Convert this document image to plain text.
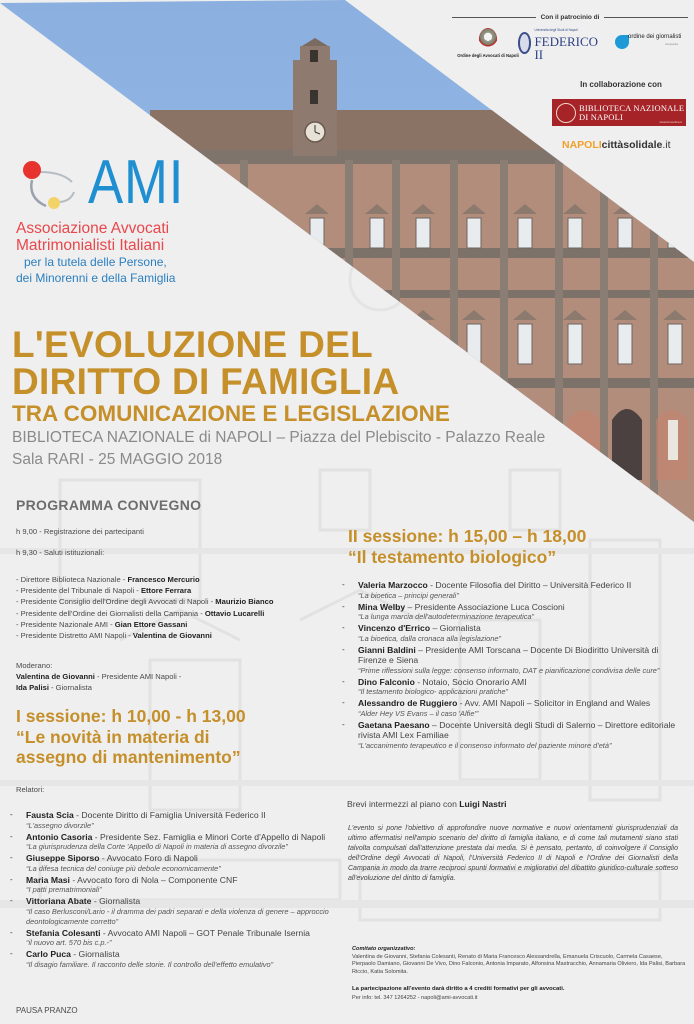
Con il patrocinio di
Ordine degli Avvocati di Napoli
Università degli Studi di Napoli
FEDERICO II
ordine dei giornalisti
campania
In collaborazione con
BIBLIOTECA NAZIONALE
DI NAPOLI
www.bnnonline.it
NAPOLIcittàsolidale.it
AMI
Associazione Avvocati
Matrimonialisti Italiani
per la tutela delle Persone,
dei Minorenni e della Famiglia
L'EVOLUZIONE DEL
DIRITTO DI FAMIGLIA
TRA COMUNICAZIONE E LEGISLAZIONE
BIBLIOTECA NAZIONALE di NAPOLI – Piazza del Plebiscito - Palazzo Reale
Sala RARI - 25 MAGGIO 2018
PROGRAMMA CONVEGNO
h 9,00 - Registrazione dei partecipanti
h 9,30 - Saluti istituzionali:
- Direttore Biblioteca Nazionale - Francesco Mercurio
- Presidente del Tribunale di Napoli - Ettore Ferrara
- Presidente Consiglio dell'Ordine degli Avvocati di Napoli - Maurizio Bianco
- Presidente dell'Ordine dei Giornalisti della Campania - Ottavio Lucarelli
- Presidente Nazionale AMI - Gian Ettore Gassani
- Presidente Distretto AMI Napoli - Valentina de Giovanni
Moderano:
Valentina de Giovanni - Presidente AMI Napoli -
Ida Palisi - Giornalista
I sessione: h 10,00 - h 13,00
“Le novità in materia di
assegno di mantenimento”
Relatori:
- Fausta Scia - Docente Diritto di Famiglia Università Federico II
“L'assegno divorzile”
- Antonio Casoria - Presidente Sez. Famiglia e Minori Corte d'Appello di Napoli
“La giurisprudenza della Corte 'Appello di Napoli in materia di assegno divorzile”
- Giuseppe Siporso - Avvocato Foro di Napoli
“La difesa tecnica del coniuge più debole economicamente”
- Maria Masi - Avvocato foro di Nola – Componente CNF
“I patti prematrimoniali”
- Vittoriana Abate - Giornalista
“Il caso Berlusconi/Lario - il dramma dei padri separati e della violenza di genere – approccio deontologicamente corretto”
- Stefania Colesanti - Avvocato AMI Napoli – GOT Penale Tribunale Isernia
“il nuovo art. 570 bis c.p.-”
- Carlo Puca - Giornalista
“Il disagio familiare. Il racconto delle storie. Il controllo dell'effetto emulativo”
PAUSA PRANZO
II sessione: h 15,00 – h 18,00
“Il testamento biologico”
- Valeria Marzocco - Docente Filosofia del Diritto – Università Federico II
“La bioetica – principi generali”
- Mina Welby – Presidente Associazione Luca Coscioni
“La lunga marcia dell'autodeterminazione terapeutica”
- Vincenzo d'Errico – Giornalista
“La bioetica, dalla cronaca alla legislazione”
- Gianni Baldini – Presidente AMI Torscana – Docente Di Biodiritto Università di Firenze e Siena
“Prime riflessioni sulla legge: consenso informato, DAT e pianificazione condivisa delle cure”
- Dino Falconio - Notaio, Socio Onorario AMI
“Il testamento biologico- applicazioni pratiche”
- Alessandro de Ruggiero - Avv. AMI Napoli – Solicitor in England and Wales
“Alder Hey VS Evans – il caso 'Alfie'”
- Gaetana Paesano – Docente Università degli Studi di Salerno – Direttore editoriale rivista AMI Lex Familiae
“L'accanimento terapeutico e il consenso informato del paziente minore d'età”
Brevi intermezzi al piano con Luigi Nastri
L'evento si pone l'obiettivo di approfondire nuove normative e nuovi orientamenti giurisprudenziali da ultimo affermatisi nell'ampio scenario del diritto di famiglia italiano, e di come tali mutamenti siano stati talvolta compulsati dall'attenzione prestata dai media. Si è pensato, pertanto, di coinvolgere il Consiglio dell'Ordine degli Avvocati di Napoli, l'Università Federico II di Napoli e l'Ordine dei Giornalisti della Campania in modo da trarre reciproci spunti formativi e migliorativi del dibattito giuridico-culturale sotteso all'evoluzione del diritto di famiglia.
Comitato organizzativo:
Valentina de Giovanni, Stefania Colesanti, Renato di Maria Francesco Alessandrella, Emanuela Criscuolo, Carmela Casaese, Pierpaolo Damiano, Giovanni De Vivo, Dino Falconio, Antonia Imparato, Alfonsina Mastracchio, Annamaria Oliviero, Ida Palisi, Barbara Riccio, Katia Solomita.
La partecipazione all'evento darà diritto a 4 crediti formativi per gli avvocati.
Per info: tel. 347 1264252 - napoli@ami-avvocati.it
